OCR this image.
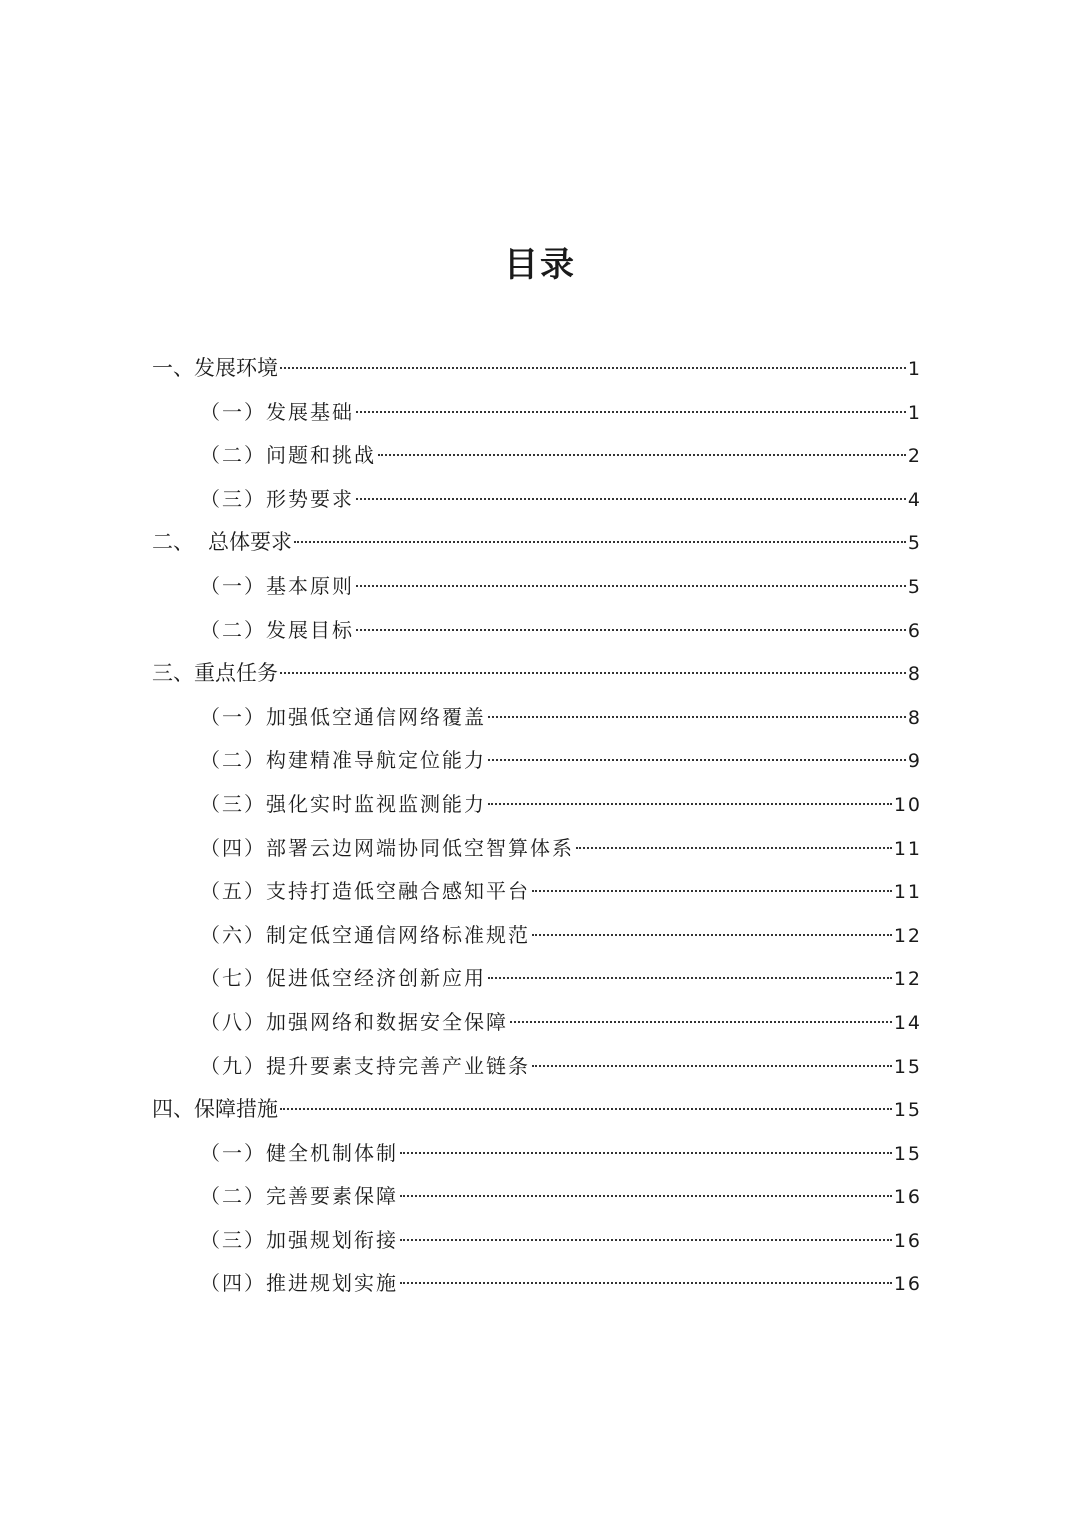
目录
一、发展环境	1
（一）发展基础	1
（二）问题和挑战	2
（三）形势要求	4
二、 总体要求	5
（一）基本原则	5
（二）发展目标	6
三、重点任务	8
（一）加强低空通信网络覆盖	8
（二）构建精准导航定位能力	9
（三）强化实时监视监测能力	10
（四）部署云边网端协同低空智算体系	11
（五）支持打造低空融合感知平台	11
（六）制定低空通信网络标准规范	12
（七）促进低空经济创新应用	12
（八）加强网络和数据安全保障	14
（九）提升要素支持完善产业链条	15
四、保障措施	15
（一）健全机制体制	15
（二）完善要素保障	16
（三）加强规划衔接	16
（四）推进规划实施	16
